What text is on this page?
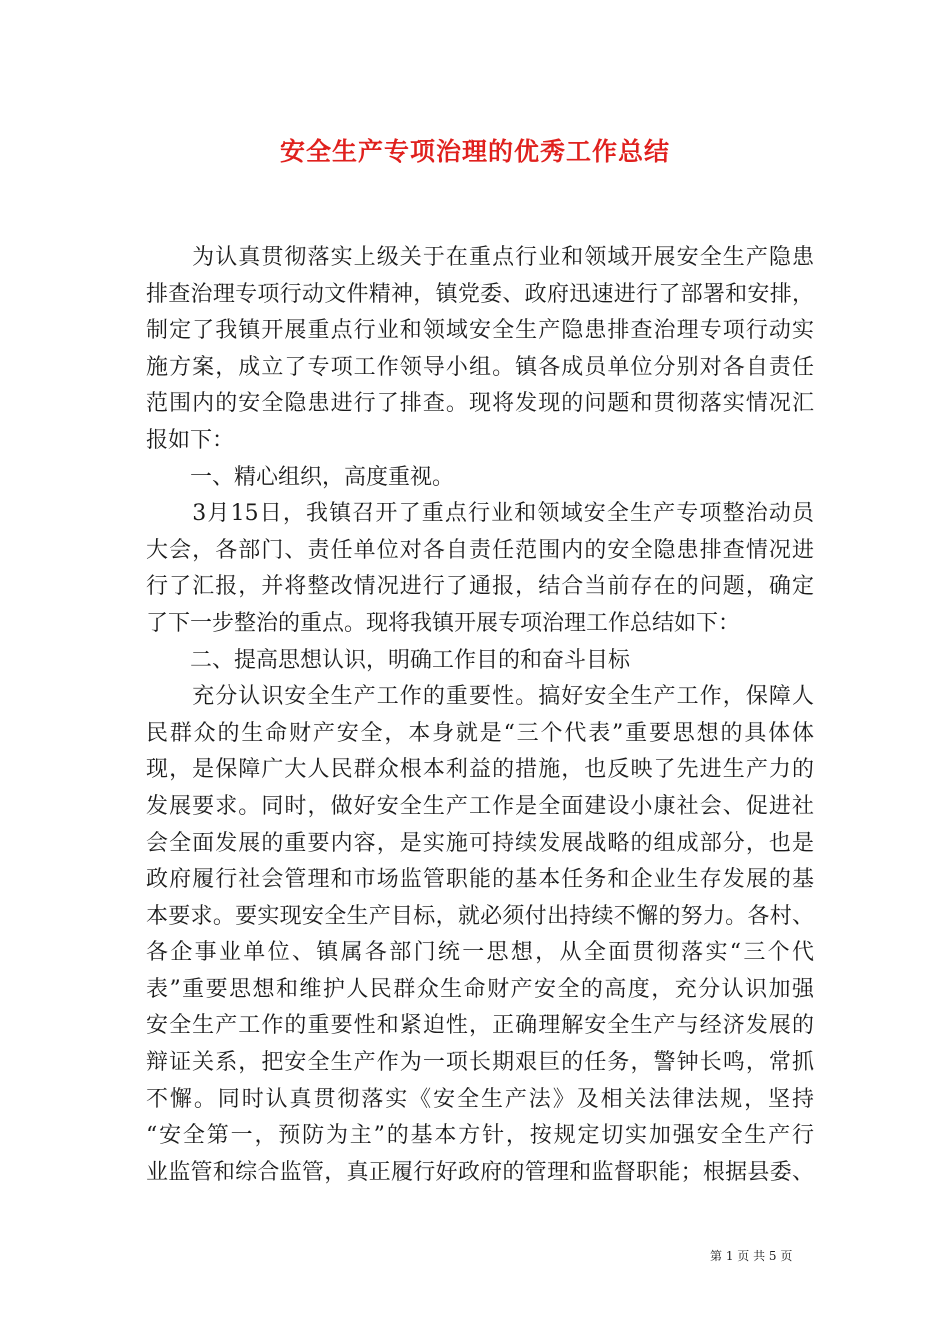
安全生产专项治理的优秀工作总结
　　为认真贯彻落实上级关于在重点行业和领域开展安全生产隐患
排查治理专项行动文件精神，镇党委、政府迅速进行了部署和安排，
制定了我镇开展重点行业和领域安全生产隐患排查治理专项行动实
施方案，成立了专项工作领导小组。镇各成员单位分别对各自责任
范围内的安全隐患进行了排查。现将发现的问题和贯彻落实情况汇
报如下：
　　一、精心组织，高度重视。
　　3月15日，我镇召开了重点行业和领域安全生产专项整治动员
大会，各部门、责任单位对各自责任范围内的安全隐患排查情况进
行了汇报，并将整改情况进行了通报，结合当前存在的问题，确定
了下一步整治的重点。现将我镇开展专项治理工作总结如下：
　　二、提高思想认识，明确工作目的和奋斗目标
　　充分认识安全生产工作的重要性。搞好安全生产工作，保障人
民群众的生命财产安全，本身就是“三个代表”重要思想的具体体
现，是保障广大人民群众根本利益的措施，也反映了先进生产力的
发展要求。同时，做好安全生产工作是全面建设小康社会、促进社
会全面发展的重要内容，是实施可持续发展战略的组成部分，也是
政府履行社会管理和市场监管职能的基本任务和企业生存发展的基
本要求。要实现安全生产目标，就必须付出持续不懈的努力。各村、
各企事业单位、镇属各部门统一思想，从全面贯彻落实“三个代
表”重要思想和维护人民群众生命财产安全的高度，充分认识加强
安全生产工作的重要性和紧迫性，正确理解安全生产与经济发展的
辩证关系，把安全生产作为一项长期艰巨的任务，警钟长鸣，常抓
不懈。同时认真贯彻落实《安全生产法》及相关法律法规，坚持
“安全第一，预防为主”的基本方针，按规定切实加强安全生产行
业监管和综合监管，真正履行好政府的管理和监督职能；根据县委、
第 1 页 共 5 页
